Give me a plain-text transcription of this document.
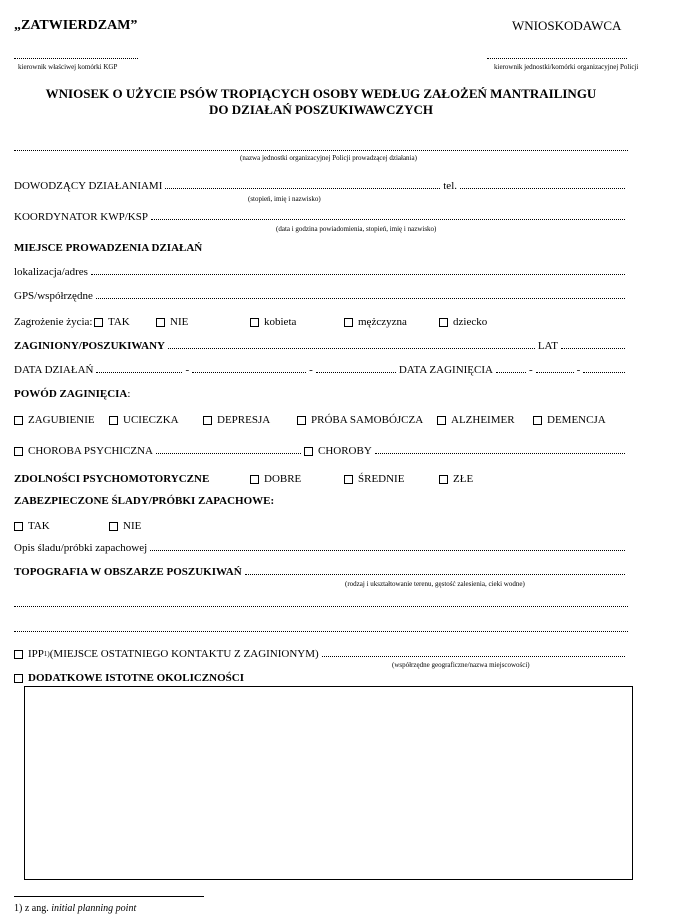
„ZATWIERDZAM”
kierownik właściwej komórki KGP
WNIOSKODAWCA
kierownik jednostki/komórki organizacyjnej Policji
WNIOSEK O UŻYCIE PSÓW TROPIĄCYCH OSOBY WEDŁUG ZAŁOŻEŃ MANTRAILINGU
DO DZIAŁAŃ POSZUKIWAWCZYCH
(nazwa jednostki organizacyjnej Policji prowadzącej działania)
DOWODZĄCY DZIAŁANIAMI	tel.
(stopień, imię i nazwisko)
KOORDYNATOR KWP/KSP
(data i godzina powiadomienia, stopień, imię i nazwisko)
MIEJSCE PROWADZENIA DZIAŁAŃ
lokalizacja/adres
GPS/współrzędne
Zagrożenie życia: TAK	NIE	kobieta	mężczyzna	dziecko
ZAGINIONY/POSZUKIWANY	LAT
DATA DZIAŁAŃ	-	-	DATA ZAGINIĘCIA	-	-
POWÓD ZAGINIĘCIA:
ZAGUBIENIE	UCIECZKA	DEPRESJA	PRÓBA SAMOBÓJCZA	ALZHEIMER	DEMENCJA
CHOROBA PSYCHICZNA	CHOROBY
ZDOLNOŚCI PSYCHOMOTORYCZNE	DOBRE	ŚREDNIE	ZŁE
ZABEZPIECZONE ŚLADY/PRÓBKI ZAPACHOWE:
TAK	NIE
Opis śladu/próbki zapachowej
TOPOGRAFIA W OBSZARZE POSZUKIWAŃ
(rodzaj i ukształtowanie terenu, gęstość zalesienia, cieki wodne)
IPP 1) (MIEJSCE OSTATNIEGO KONTAKTU Z ZAGINIONYM)
(współrzędne geograficzne/nazwa miejscowości)
DODATKOWE ISTOTNE OKOLICZNOŚCI
1) z ang. initial planning point
